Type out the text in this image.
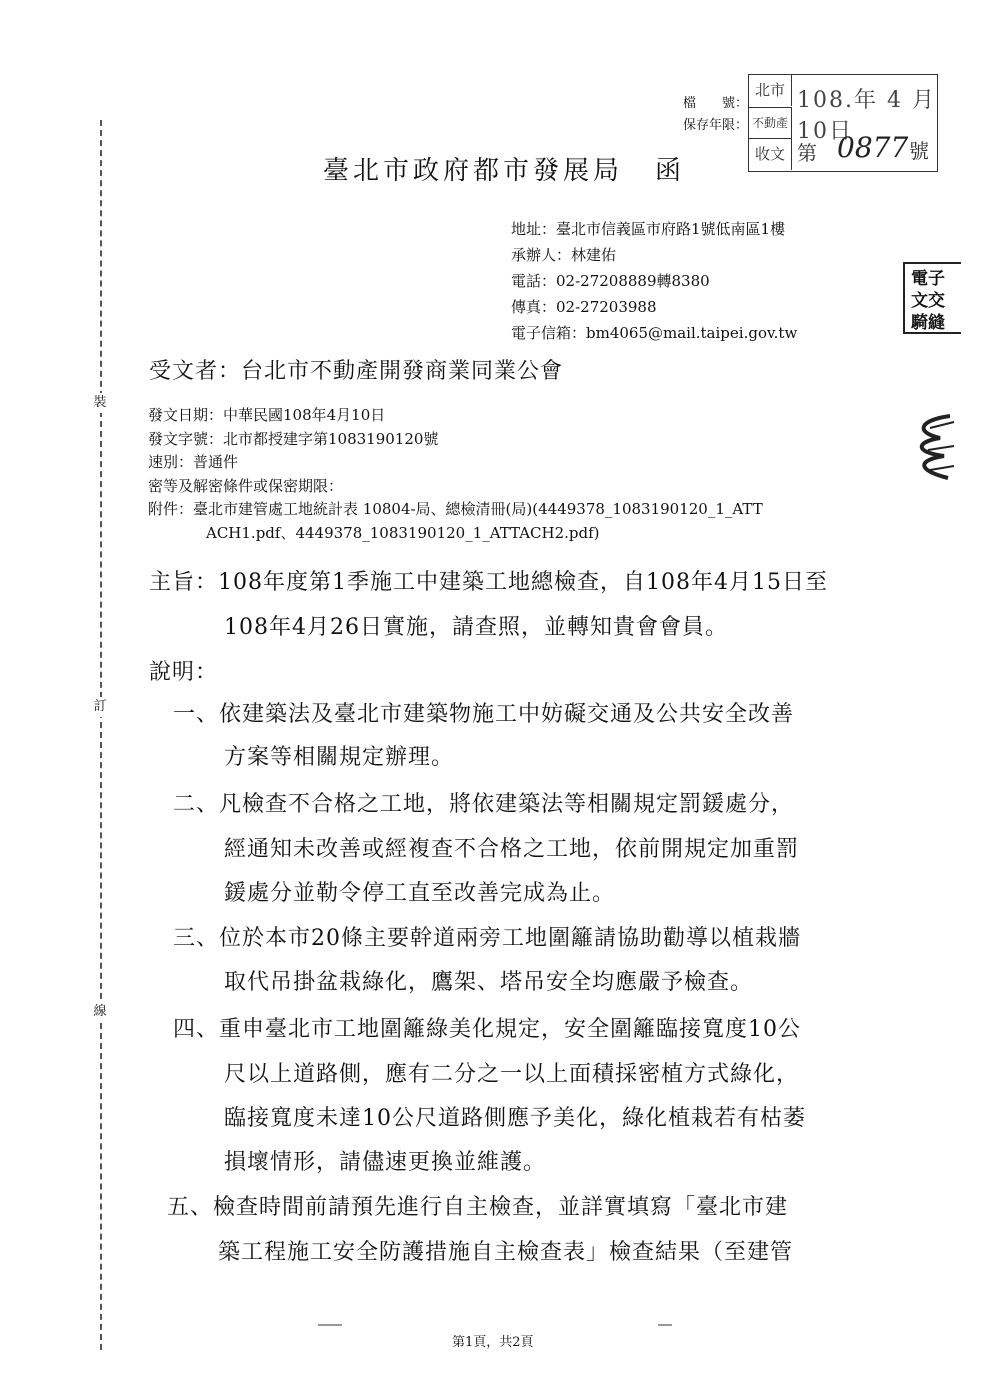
裝
訂
線
檔　　號：
保存年限：
北市
不動產
收文
108.年 4 月10日
第 0877 號
臺北市政府都市發展局 函
地址：臺北市信義區市府路1號低南區1樓
承辦人：林建佑
電話：02-27208889轉8380
傳真：02-27203988
電子信箱：bm4065@mail.taipei.gov.tw
電子
文交
騎縫
受文者：台北市不動產開發商業同業公會
發文日期：中華民國108年4月10日
發文字號：北市都授建字第1083190120號
速別：普通件
密等及解密條件或保密期限：
附件：臺北市建管處工地統計表 10804-局、總檢清冊(局)(4449378_1083190120_1_ATT
ACH1.pdf、4449378_1083190120_1_ATTACH2.pdf)
主旨：108年度第1季施工中建築工地總檢查，自108年4月15日至
108年4月26日實施，請查照，並轉知貴會會員。
說明：
一、依建築法及臺北市建築物施工中妨礙交通及公共安全改善
方案等相關規定辦理。
二、凡檢查不合格之工地，將依建築法等相關規定罰鍰處分，
經通知未改善或經複查不合格之工地，依前開規定加重罰
鍰處分並勒令停工直至改善完成為止。
三、位於本市20條主要幹道兩旁工地圍籬請協助勸導以植栽牆
取代吊掛盆栽綠化，鷹架、塔吊安全均應嚴予檢查。
四、重申臺北市工地圍籬綠美化規定，安全圍籬臨接寬度10公
尺以上道路側，應有二分之一以上面積採密植方式綠化，
臨接寬度未達10公尺道路側應予美化，綠化植栽若有枯萎
損壞情形，請儘速更換並維護。
五、檢查時間前請預先進行自主檢查，並詳實填寫「臺北市建
築工程施工安全防護措施自主檢查表」檢查結果（至建管
第1頁，共2頁
